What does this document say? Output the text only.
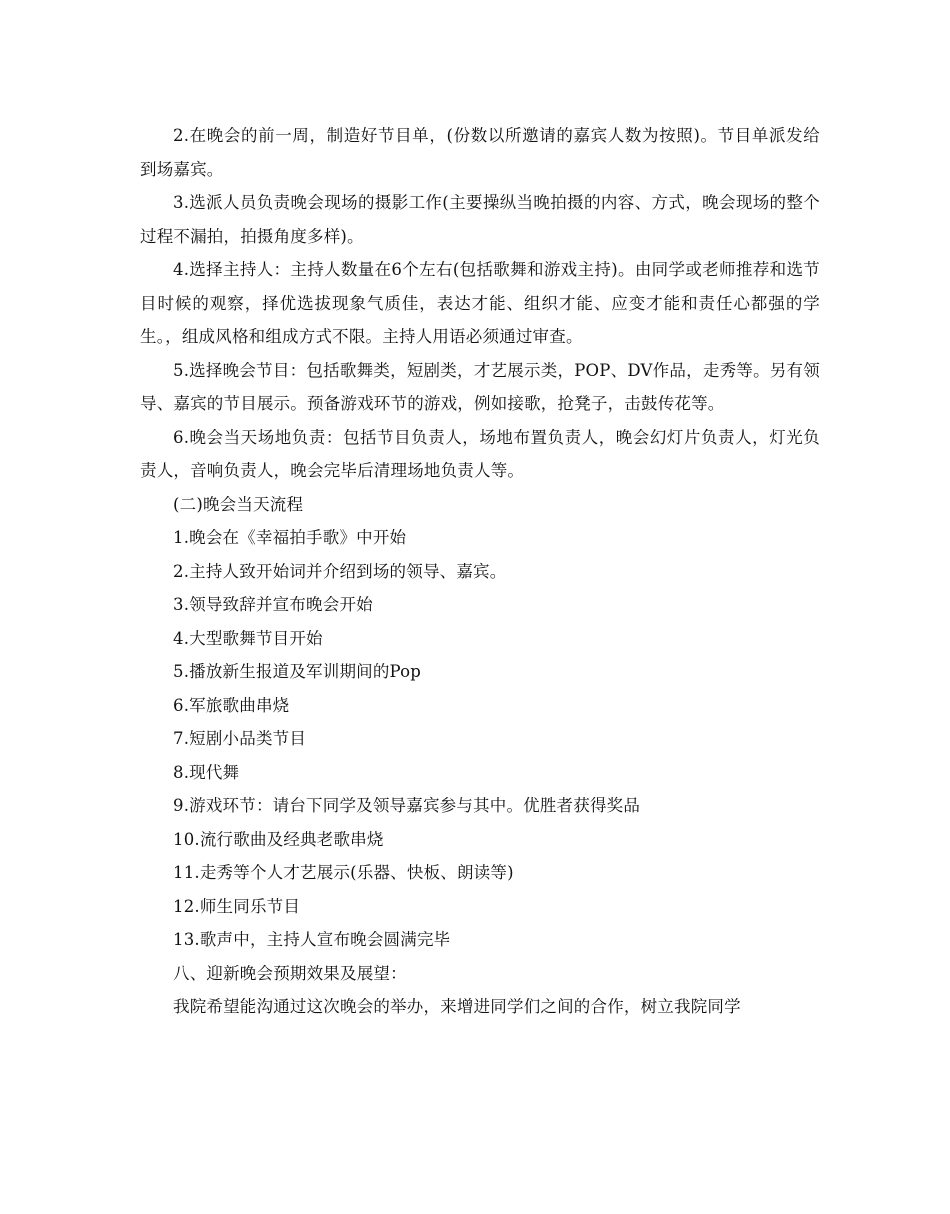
2.在晚会的前一周，制造好节目单，(份数以所邀请的嘉宾人数为按照)。节目单派发给到场嘉宾。

3.选派人员负责晚会现场的摄影工作(主要操纵当晚拍摄的内容、方式，晚会现场的整个过程不漏拍，拍摄角度多样)。

4.选择主持人：主持人数量在6个左右(包括歌舞和游戏主持)。由同学或老师推荐和选节目时候的观察，择优选拔现象气质佳，表达才能、组织才能、应变才能和责任心都强的学生。，组成风格和组成方式不限。主持人用语必须通过审查。

5.选择晚会节目：包括歌舞类，短剧类，才艺展示类，POP、DV作品，走秀等。另有领导、嘉宾的节目展示。预备游戏环节的游戏，例如接歌，抢凳子，击鼓传花等。

6.晚会当天场地负责：包括节目负责人，场地布置负责人，晚会幻灯片负责人，灯光负责人，音响负责人，晚会完毕后清理场地负责人等。

(二)晚会当天流程

1.晚会在《幸福拍手歌》中开始

2.主持人致开始词并介绍到场的领导、嘉宾。

3.领导致辞并宣布晚会开始

4.大型歌舞节目开始

5.播放新生报道及军训期间的Pop

6.军旅歌曲串烧

7.短剧小品类节目

8.现代舞

9.游戏环节：请台下同学及领导嘉宾参与其中。优胜者获得奖品

10.流行歌曲及经典老歌串烧

11.走秀等个人才艺展示(乐器、快板、朗读等)

12.师生同乐节目

13.歌声中，主持人宣布晚会圆满完毕

八、迎新晚会预期效果及展望：

我院希望能沟通过这次晚会的举办，来增进同学们之间的合作，树立我院同学
